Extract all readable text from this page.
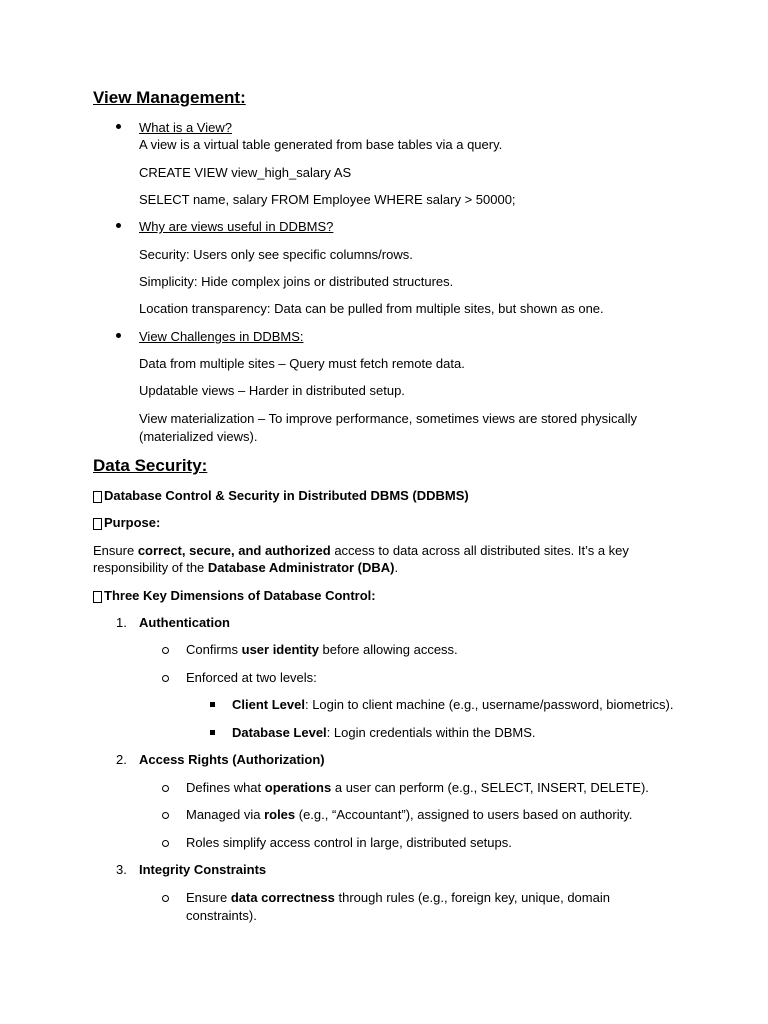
View Management:
What is a View?
A view is a virtual table generated from base tables via a query.
CREATE VIEW view_high_salary AS
SELECT name, salary FROM Employee WHERE salary > 50000;
Why are views useful in DDBMS?
Security: Users only see specific columns/rows.
Simplicity: Hide complex joins or distributed structures.
Location transparency: Data can be pulled from multiple sites, but shown as one.
View Challenges in DDBMS:
Data from multiple sites – Query must fetch remote data.
Updatable views – Harder in distributed setup.
View materialization – To improve performance, sometimes views are stored physically
(materialized views).
Data Security:
Database Control & Security in Distributed DBMS (DDBMS)
Purpose:
Ensure correct, secure, and authorized access to data across all distributed sites. It’s a key
responsibility of the Database Administrator (DBA).
Three Key Dimensions of Database Control:
1. Authentication
Confirms user identity before allowing access.
Enforced at two levels:
Client Level: Login to client machine (e.g., username/password, biometrics).
Database Level: Login credentials within the DBMS.
2. Access Rights (Authorization)
Defines what operations a user can perform (e.g., SELECT, INSERT, DELETE).
Managed via roles (e.g., “Accountant”), assigned to users based on authority.
Roles simplify access control in large, distributed setups.
3. Integrity Constraints
Ensure data correctness through rules (e.g., foreign key, unique, domain
constraints).
